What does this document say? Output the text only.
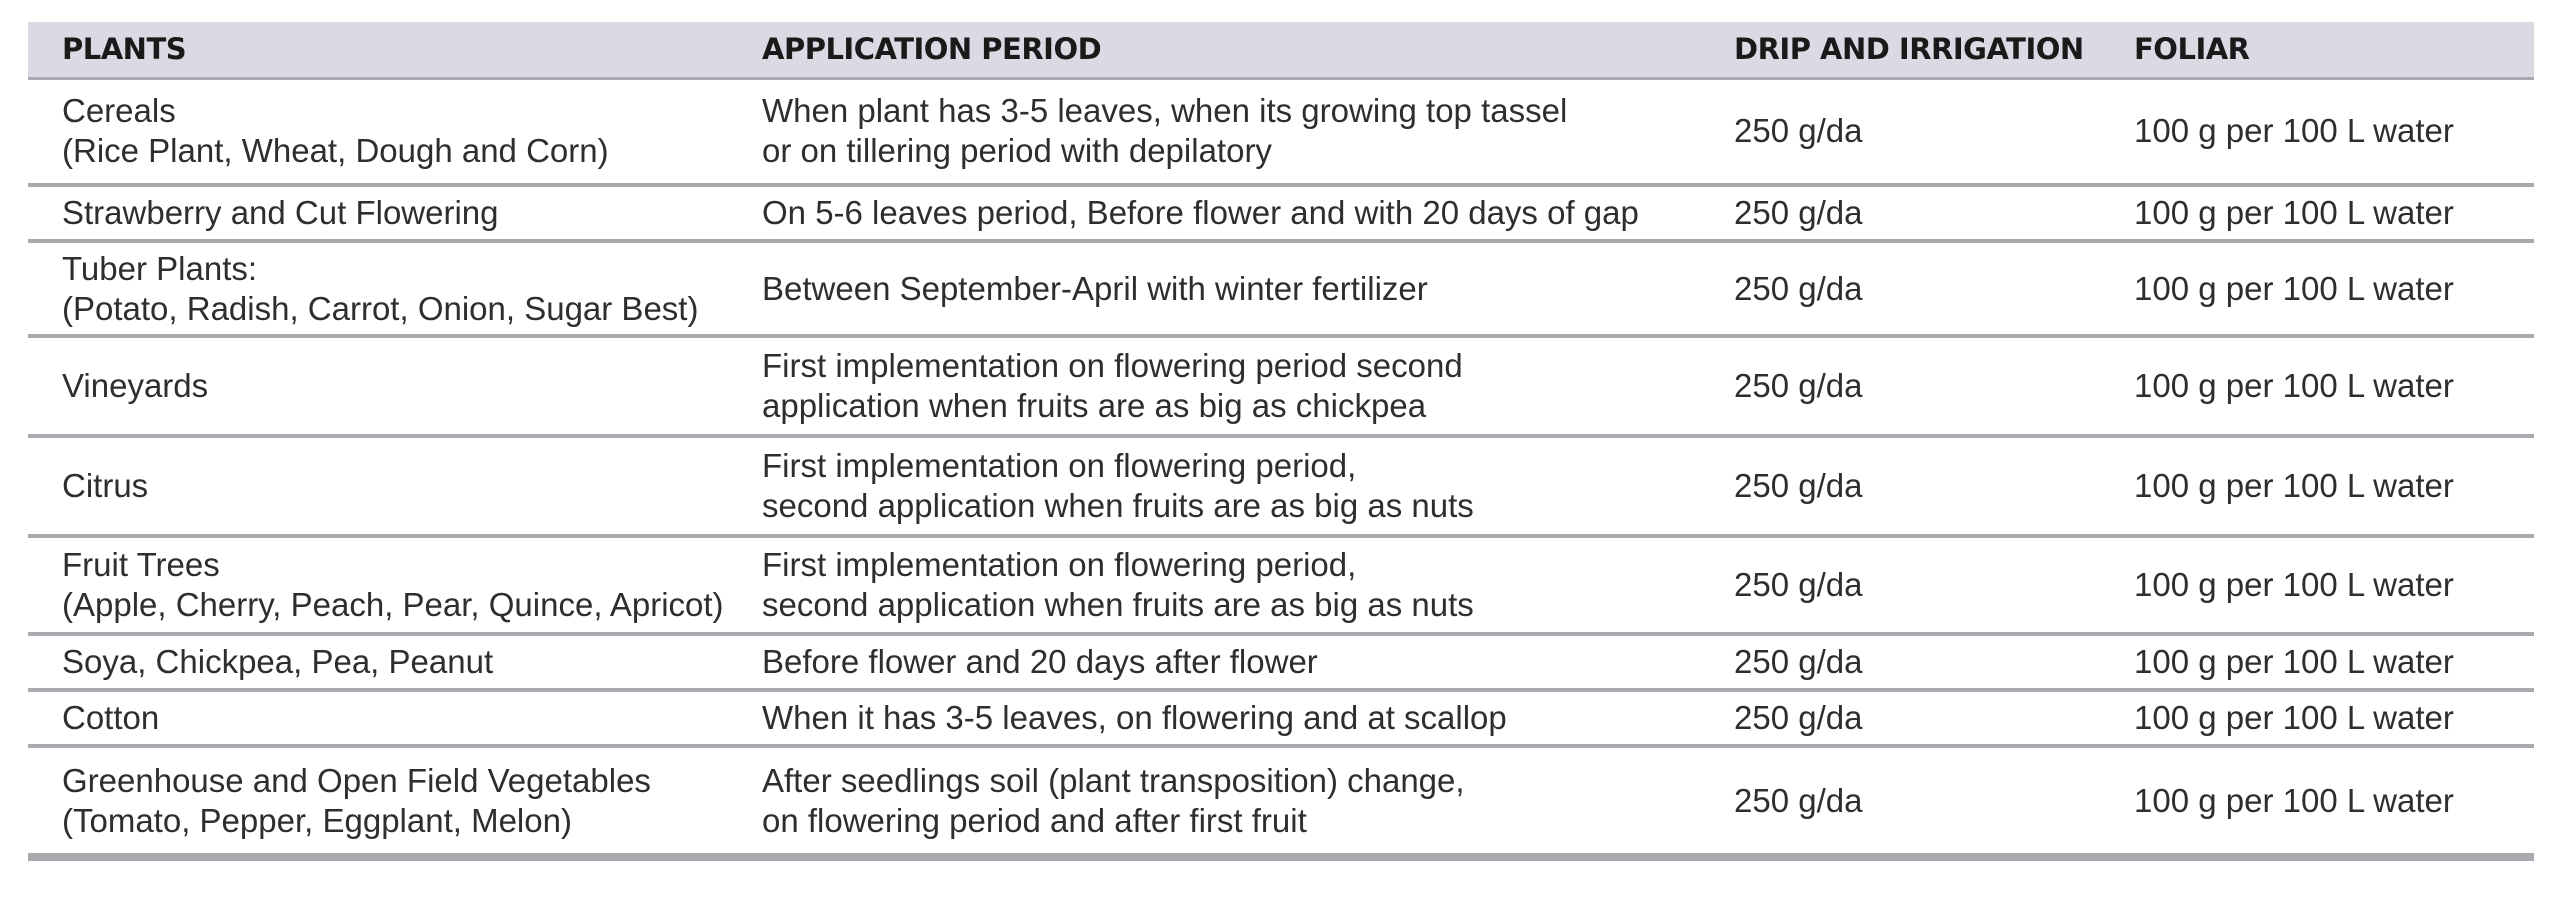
PLANTS	APPLICATION PERIOD	DRIP AND IRRIGATION	FOLIAR

Cereals
(Rice Plant, Wheat, Dough and Corn)	When plant has 3-5 leaves, when its growing top tassel
or on tillering period with depilatory	250 g/da	100 g per 100 L water

Strawberry and Cut Flowering	On 5-6 leaves period, Before flower and with 20 days of gap	250 g/da	100 g per 100 L water

Tuber Plants:
(Potato, Radish, Carrot, Onion, Sugar Best)	Between September-April with winter fertilizer	250 g/da	100 g per 100 L water

Vineyards	First implementation on flowering period second
application when fruits are as big as chickpea	250 g/da	100 g per 100 L water

Citrus	First implementation on flowering period,
second application when fruits are as big as nuts	250 g/da	100 g per 100 L water

Fruit Trees
(Apple, Cherry, Peach, Pear, Quince, Apricot)	First implementation on flowering period,
second application when fruits are as big as nuts	250 g/da	100 g per 100 L water

Soya, Chickpea, Pea, Peanut	Before flower and 20 days after flower	250 g/da	100 g per 100 L water

Cotton	When it has 3-5 leaves, on flowering and at scallop	250 g/da	100 g per 100 L water

Greenhouse and Open Field Vegetables
(Tomato, Pepper, Eggplant, Melon)	After seedlings soil (plant transposition) change,
on flowering period and after first fruit	250 g/da	100 g per 100 L water
